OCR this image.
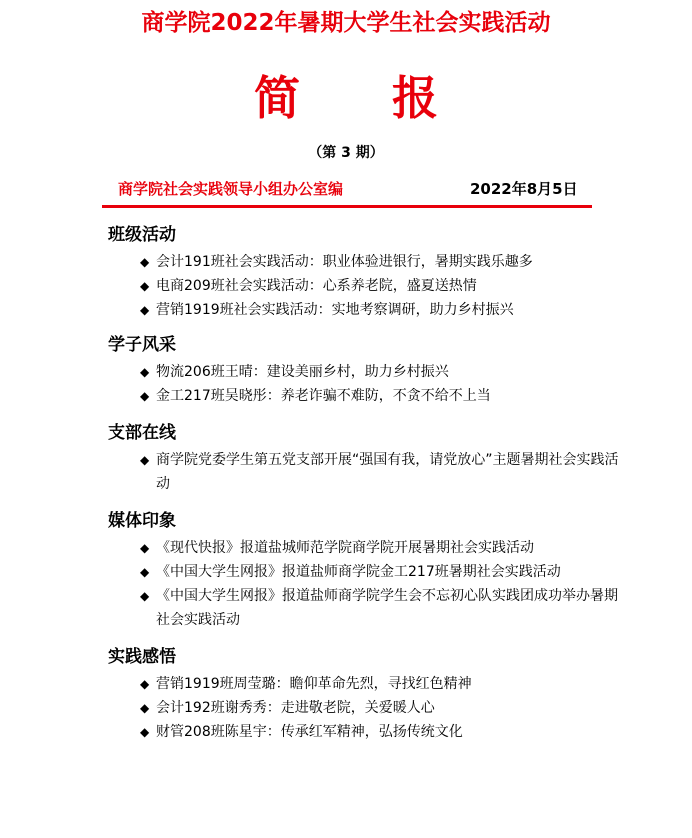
商学院2022年暑期大学生社会实践活动
简 报
（第 3 期）
商学院社会实践领导小组办公室编	2022年8月5日
班级活动
◆ 会计191班社会实践活动：职业体验进银行，暑期实践乐趣多
◆ 电商209班社会实践活动：心系养老院，盛夏送热情
◆ 营销1919班社会实践活动：实地考察调研，助力乡村振兴
学子风采
◆ 物流206班王晴：建设美丽乡村，助力乡村振兴
◆ 金工217班吴晓彤：养老诈骗不难防，不贪不给不上当
支部在线
◆ 商学院党委学生第五党支部开展“强国有我，请党放心”主题暑期社会实践活动
媒体印象
◆ 《现代快报》报道盐城师范学院商学院开展暑期社会实践活动
◆ 《中国大学生网报》报道盐师商学院金工217班暑期社会实践活动
◆ 《中国大学生网报》报道盐师商学院学生会不忘初心队实践团成功举办暑期社会实践活动
实践感悟
◆ 营销1919班周莹璐：瞻仰革命先烈，寻找红色精神
◆ 会计192班谢秀秀：走进敬老院，关爱暖人心
◆ 财管208班陈星宇：传承红军精神，弘扬传统文化
